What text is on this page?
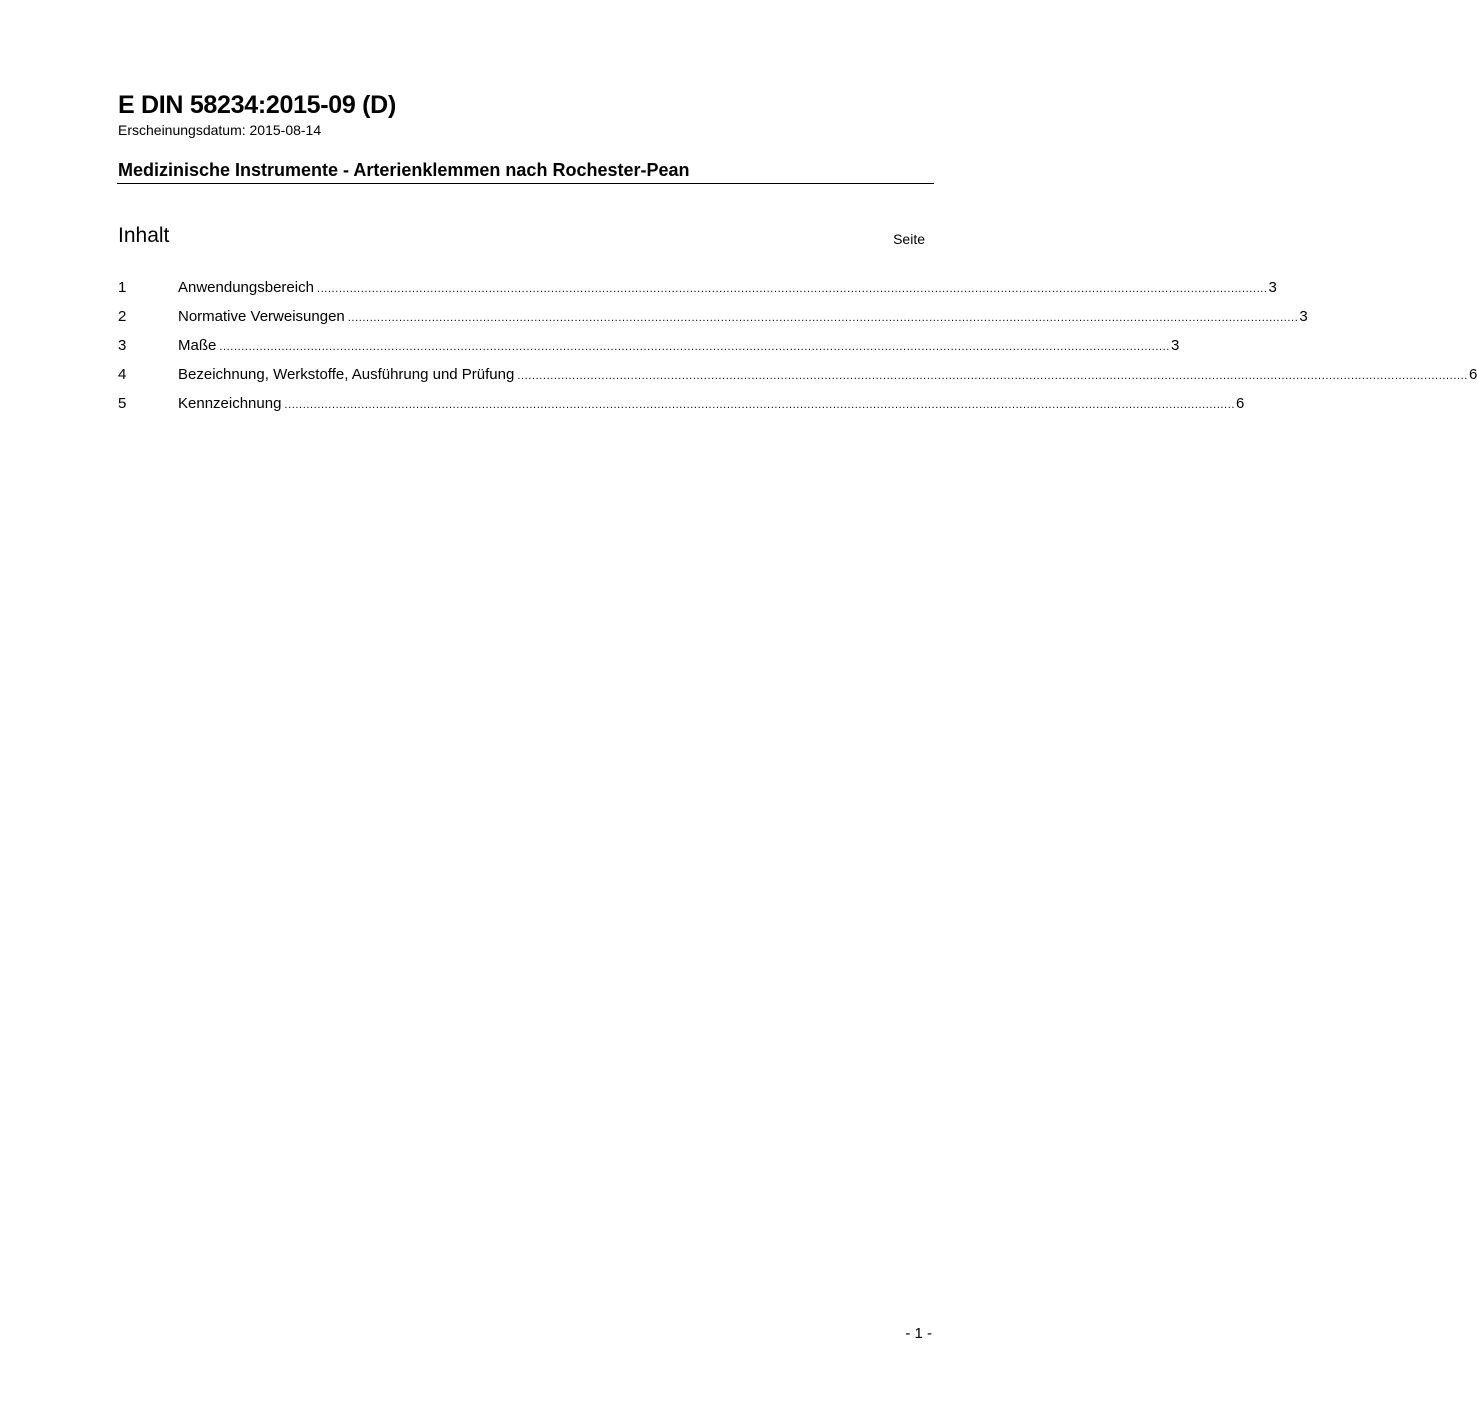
E DIN 58234:2015-09 (D)
Erscheinungsdatum: 2015-08-14
Medizinische Instrumente - Arterienklemmen nach Rochester-Pean
Inhalt	Seite
1	Anwendungsbereich .................................................................................................................................................................................................................................................................... 3
2	Normative Verweisungen .................................................................................................................................................................................................................................................................... 3
3	Maße .................................................................................................................................................................................................................................................................... 3
4	Bezeichnung, Werkstoffe, Ausführung und Prüfung .................................................................................................................................................................................................................................................................... 6
5	Kennzeichnung .................................................................................................................................................................................................................................................................... 6
- 1 -
